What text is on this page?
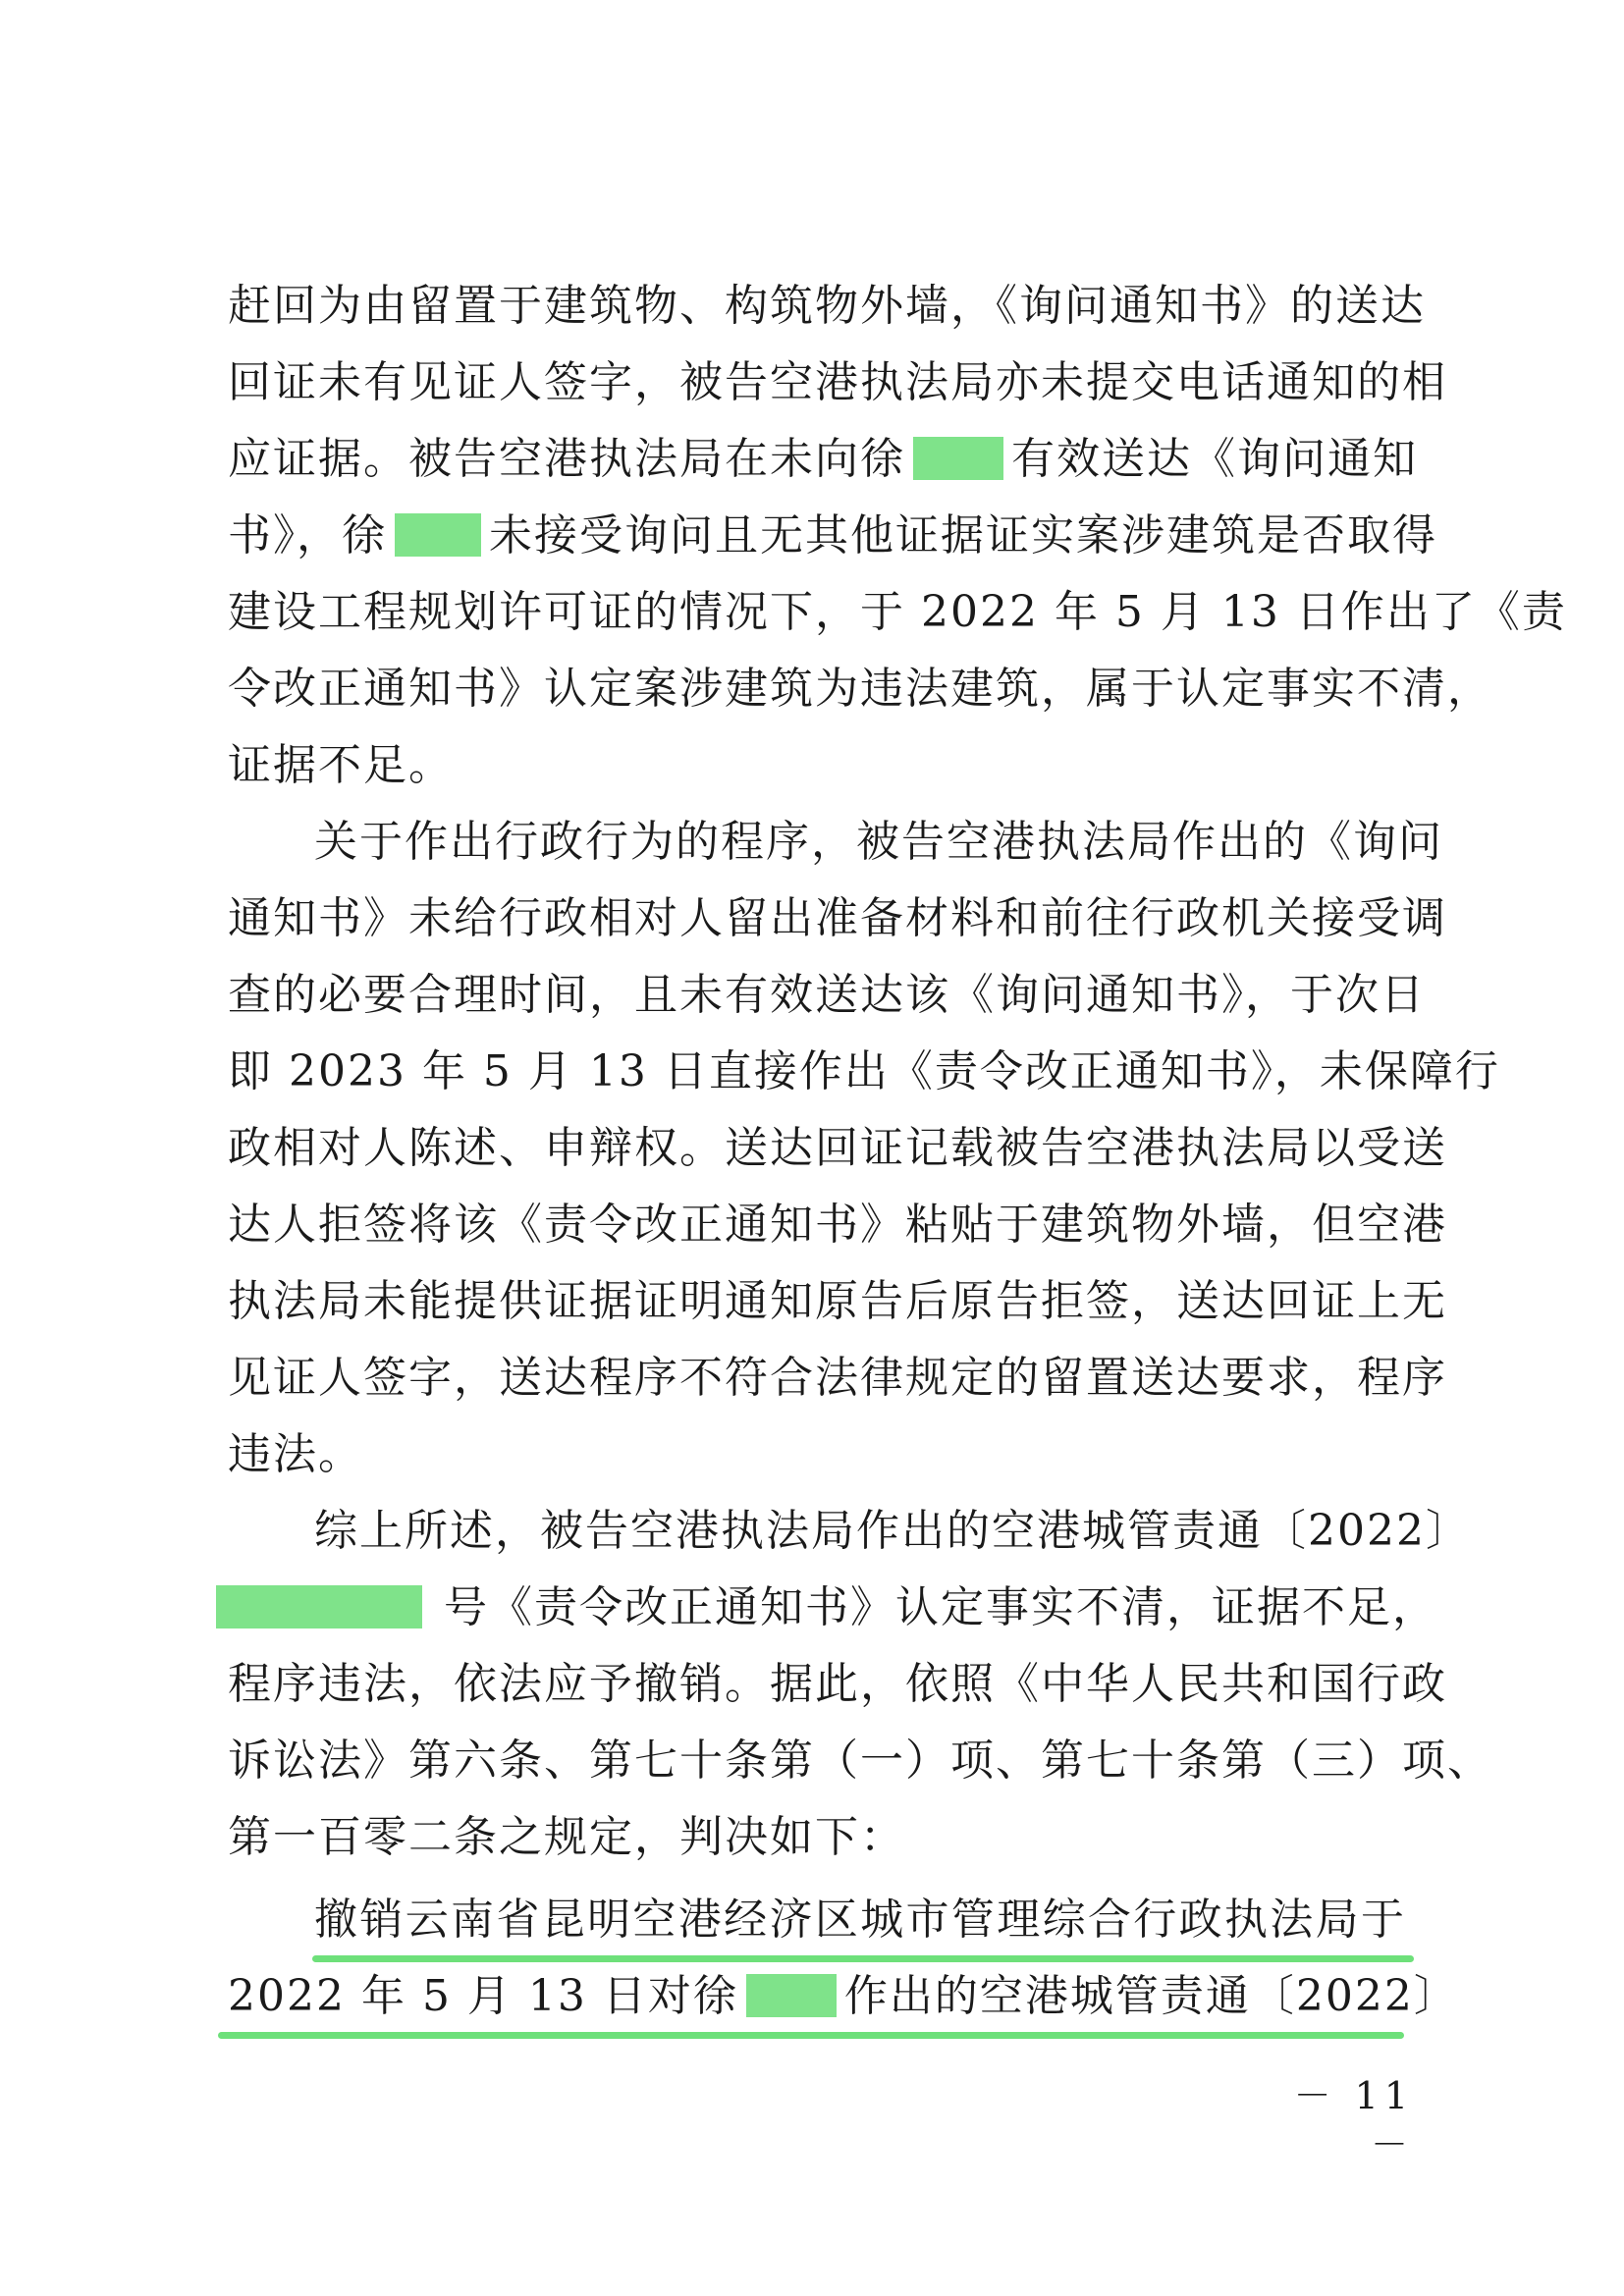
赶回为由留置于建筑物、构筑物外墙，《询问通知书》的送达
回证未有见证人签字，被告空港执法局亦未提交电话通知的相
应证据。被告空港执法局在未向徐 有效送达《询问通知
书》，徐 未接受询问且无其他证据证实案涉建筑是否取得
建设工程规划许可证的情况下，于 2022 年 5 月 13 日作出了《责
令改正通知书》认定案涉建筑为违法建筑，属于认定事实不清，
证据不足。
关于作出行政行为的程序，被告空港执法局作出的《询问
通知书》未给行政相对人留出准备材料和前往行政机关接受调
查的必要合理时间，且未有效送达该《询问通知书》，于次日
即 2023 年 5 月 13 日直接作出《责令改正通知书》，未保障行
政相对人陈述、申辩权。送达回证记载被告空港执法局以受送
达人拒签将该《责令改正通知书》粘贴于建筑物外墙，但空港
执法局未能提供证据证明通知原告后原告拒签，送达回证上无
见证人签字，送达程序不符合法律规定的留置送达要求，程序
违法。
综上所述，被告空港执法局作出的空港城管责通〔2022〕
号《责令改正通知书》认定事实不清，证据不足，
程序违法，依法应予撤销。据此，依照《中华人民共和国行政
诉讼法》第六条、第七十条第（一）项、第七十条第（三）项、
第一百零二条之规定，判决如下：
撤销云南省昆明空港经济区城市管理综合行政执法局于
2022 年 5 月 13 日对徐 作出的空港城管责通〔2022〕
－ 11 －
